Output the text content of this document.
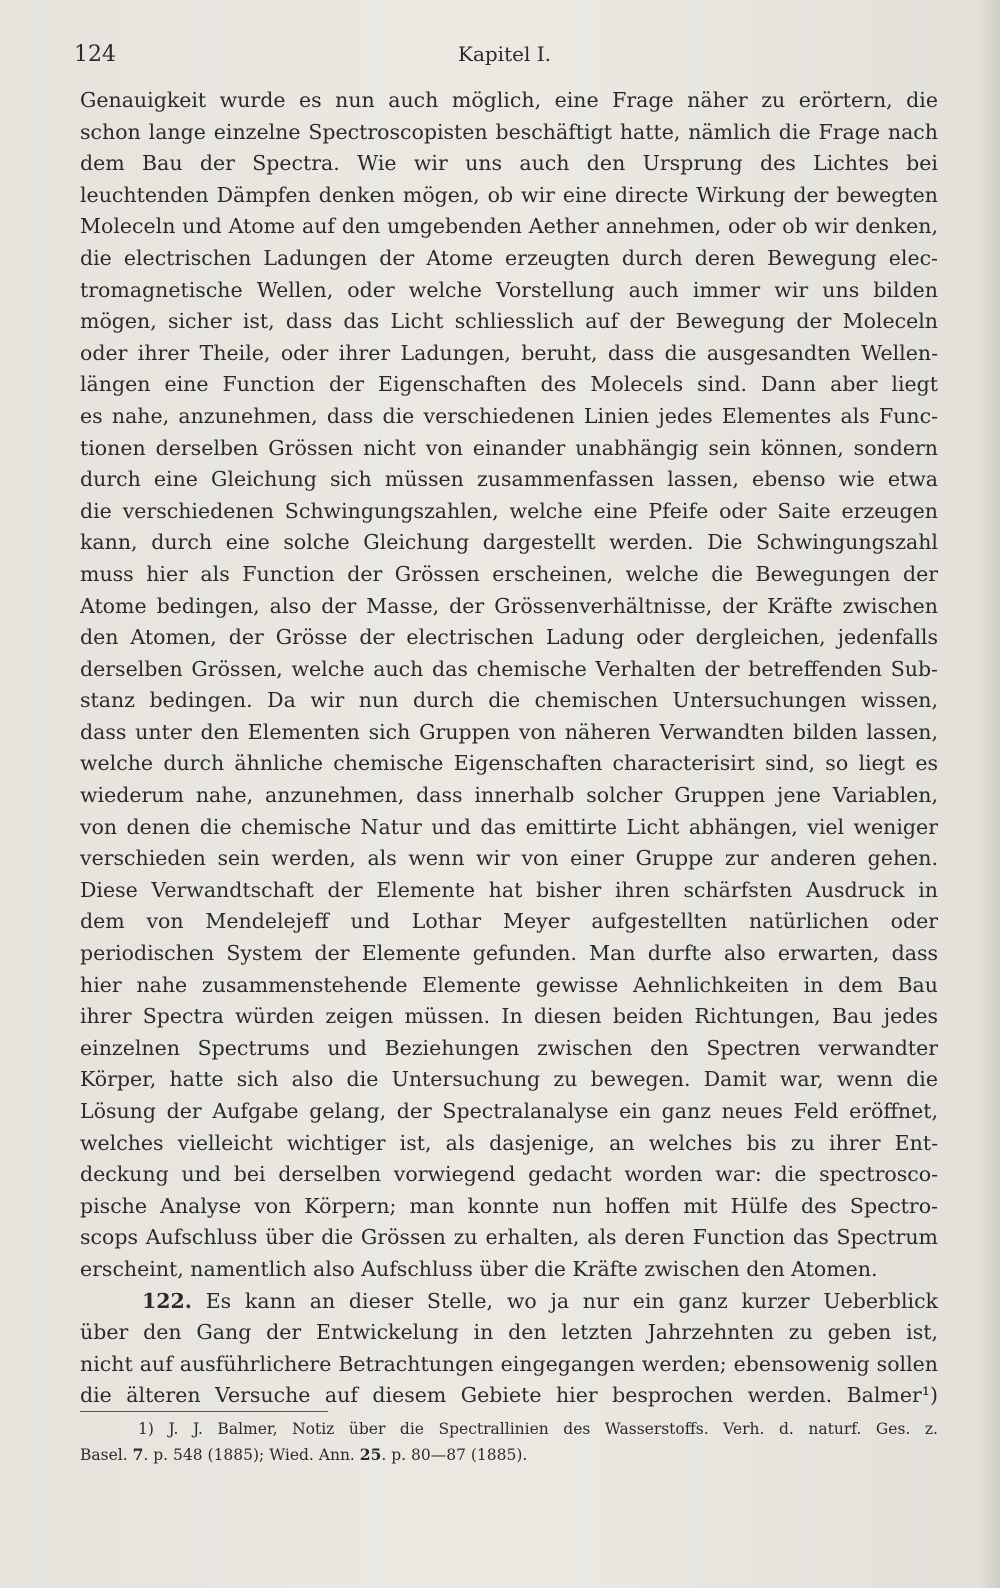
124	Kapitel I.
Genauigkeit wurde es nun auch möglich, eine Frage näher zu erörtern, die
schon lange einzelne Spectroscopisten beschäftigt hatte, nämlich die Frage nach
dem Bau der Spectra. Wie wir uns auch den Ursprung des Lichtes bei
leuchtenden Dämpfen denken mögen, ob wir eine directe Wirkung der bewegten
Moleceln und Atome auf den umgebenden Aether annehmen, oder ob wir denken,
die electrischen Ladungen der Atome erzeugten durch deren Bewegung elec-
tromagnetische Wellen, oder welche Vorstellung auch immer wir uns bilden
mögen, sicher ist, dass das Licht schliesslich auf der Bewegung der Moleceln
oder ihrer Theile, oder ihrer Ladungen, beruht, dass die ausgesandten Wellen-
längen eine Function der Eigenschaften des Molecels sind. Dann aber liegt
es nahe, anzunehmen, dass die verschiedenen Linien jedes Elementes als Func-
tionen derselben Grössen nicht von einander unabhängig sein können, sondern
durch eine Gleichung sich müssen zusammenfassen lassen, ebenso wie etwa
die verschiedenen Schwingungszahlen, welche eine Pfeife oder Saite erzeugen
kann, durch eine solche Gleichung dargestellt werden. Die Schwingungszahl
muss hier als Function der Grössen erscheinen, welche die Bewegungen der
Atome bedingen, also der Masse, der Grössenverhältnisse, der Kräfte zwischen
den Atomen, der Grösse der electrischen Ladung oder dergleichen, jedenfalls
derselben Grössen, welche auch das chemische Verhalten der betreffenden Sub-
stanz bedingen. Da wir nun durch die chemischen Untersuchungen wissen,
dass unter den Elementen sich Gruppen von näheren Verwandten bilden lassen,
welche durch ähnliche chemische Eigenschaften characterisirt sind, so liegt es
wiederum nahe, anzunehmen, dass innerhalb solcher Gruppen jene Variablen,
von denen die chemische Natur und das emittirte Licht abhängen, viel weniger
verschieden sein werden, als wenn wir von einer Gruppe zur anderen gehen.
Diese Verwandtschaft der Elemente hat bisher ihren schärfsten Ausdruck in
dem von Mendelejeff und Lothar Meyer aufgestellten natürlichen oder
periodischen System der Elemente gefunden. Man durfte also erwarten, dass
hier nahe zusammenstehende Elemente gewisse Aehnlichkeiten in dem Bau
ihrer Spectra würden zeigen müssen. In diesen beiden Richtungen, Bau jedes
einzelnen Spectrums und Beziehungen zwischen den Spectren verwandter
Körper, hatte sich also die Untersuchung zu bewegen. Damit war, wenn die
Lösung der Aufgabe gelang, der Spectralanalyse ein ganz neues Feld eröffnet,
welches vielleicht wichtiger ist, als dasjenige, an welches bis zu ihrer Ent-
deckung und bei derselben vorwiegend gedacht worden war: die spectrosco-
pische Analyse von Körpern; man konnte nun hoffen mit Hülfe des Spectro-
scops Aufschluss über die Grössen zu erhalten, als deren Function das Spectrum
erscheint, namentlich also Aufschluss über die Kräfte zwischen den Atomen.
122. Es kann an dieser Stelle, wo ja nur ein ganz kurzer Ueberblick
über den Gang der Entwickelung in den letzten Jahrzehnten zu geben ist,
nicht auf ausführlichere Betrachtungen eingegangen werden; ebensowenig sollen
die älteren Versuche auf diesem Gebiete hier besprochen werden. Balmer¹)
1) J. J. Balmer, Notiz über die Spectrallinien des Wasserstoffs. Verh. d. naturf. Ges. z.
Basel. 7. p. 548 (1885); Wied. Ann. 25. p. 80—87 (1885).
